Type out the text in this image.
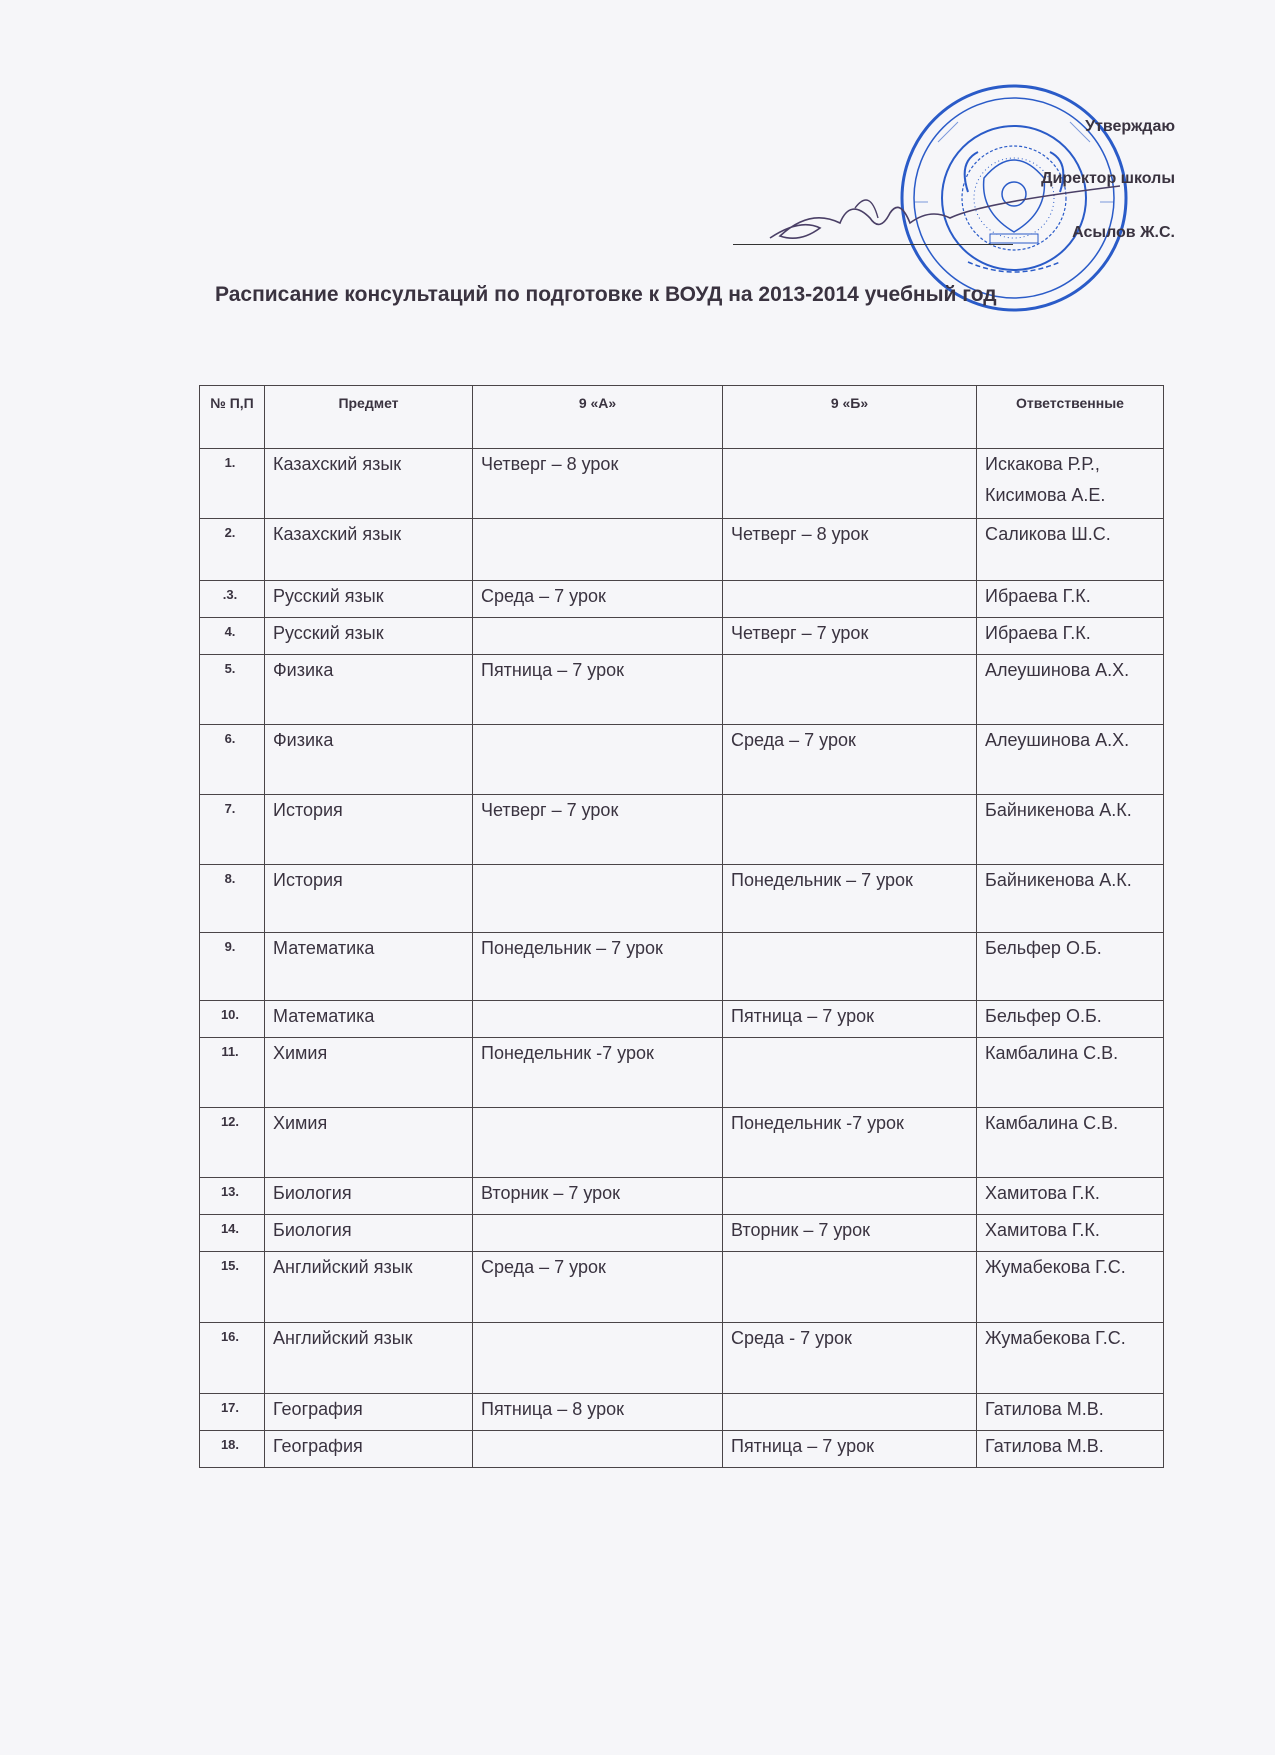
Утверждаю
Директор школы
Асылов Ж.С.
Расписание консультаций по подготовке к ВОУД на 2013-2014 учебный год
№ П,П	Предмет	9 «А»	9 «Б»	Ответственные
1.	Казахский язык	Четверг – 8 урок		Искакова Р.Р., Кисимова А.Е.
2.	Казахский язык		Четверг – 8 урок	Саликова Ш.С.
.3.	Русский язык	Среда – 7 урок		Ибраева Г.К.
4.	Русский язык		Четверг – 7 урок	Ибраева Г.К.
5.	Физика	Пятница – 7 урок		Алеушинова А.Х.
6.	Физика		Среда – 7 урок	Алеушинова А.Х.
7.	История	Четверг – 7 урок		Байникенова А.К.
8.	История		Понедельник – 7 урок	Байникенова А.К.
9.	Математика	Понедельник – 7 урок		Бельфер О.Б.
10.	Математика		Пятница – 7 урок	Бельфер О.Б.
11.	Химия	Понедельник -7 урок		Камбалина С.В.
12.	Химия		Понедельник -7 урок	Камбалина С.В.
13.	Биология	Вторник – 7 урок		Хамитова Г.К.
14.	Биология		Вторник – 7 урок	Хамитова Г.К.
15.	Английский язык	Среда – 7 урок		Жумабекова Г.С.
16.	Английский язык		Среда - 7 урок	Жумабекова Г.С.
17.	География	Пятница – 8 урок		Гатилова М.В.
18.	География		Пятница – 7 урок	Гатилова М.В.
